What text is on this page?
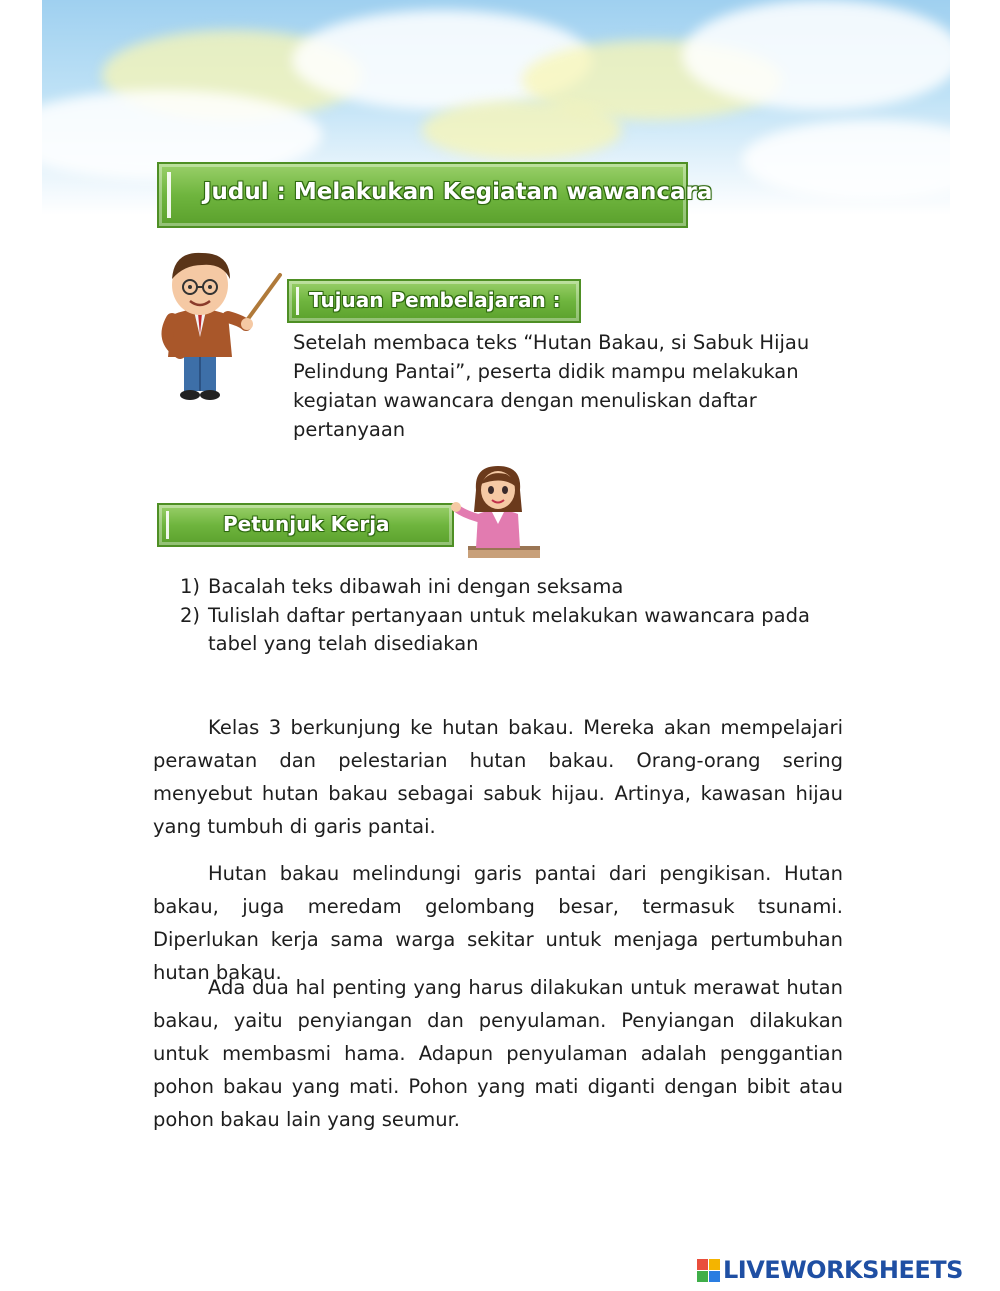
Judul : Melakukan Kegiatan wawancara
Tujuan Pembelajaran :
Setelah membaca teks “Hutan Bakau, si Sabuk Hijau Pelindung Pantai”, peserta didik mampu melakukan kegiatan wawancara dengan menuliskan daftar pertanyaan
Petunjuk Kerja
1) Bacalah teks dibawah ini dengan seksama
2) Tulislah daftar pertanyaan untuk melakukan wawancara pada tabel yang telah disediakan

Kelas 3 berkunjung ke hutan bakau. Mereka akan mempelajari perawatan dan pelestarian hutan bakau. Orang-orang sering menyebut hutan bakau sebagai sabuk hijau. Artinya, kawasan hijau yang tumbuh di garis pantai.

Hutan bakau melindungi garis pantai dari pengikisan. Hutan bakau, juga meredam gelombang besar, termasuk tsunami. Diperlukan kerja sama warga sekitar untuk menjaga pertumbuhan hutan bakau.

Ada dua hal penting yang harus dilakukan untuk merawat hutan bakau, yaitu penyiangan dan penyulaman. Penyiangan dilakukan untuk membasmi hama. Adapun penyulaman adalah penggantian pohon bakau yang mati. Pohon yang mati diganti dengan bibit atau pohon bakau lain yang seumur.

LIVEWORKSHEETS
